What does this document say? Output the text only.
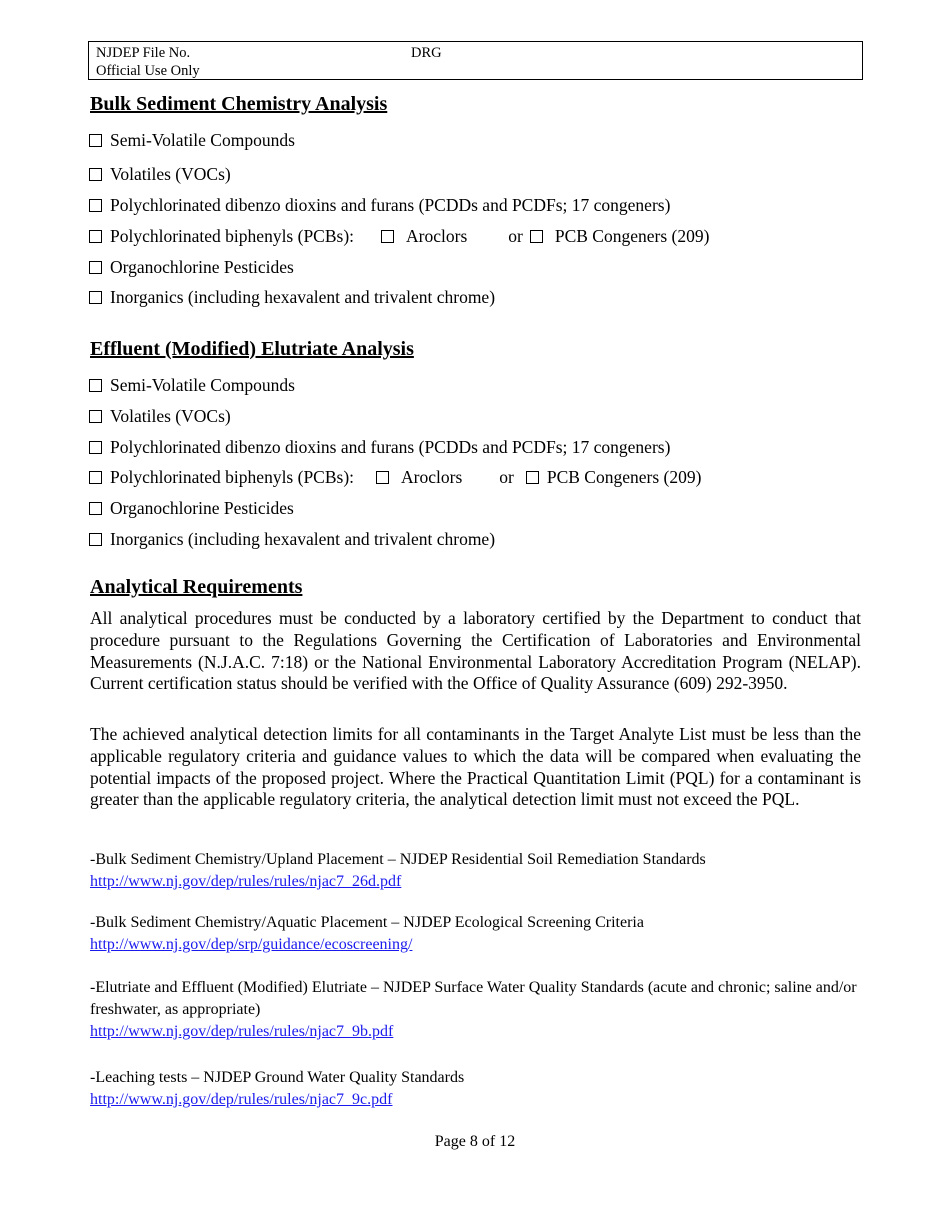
NJDEP File No.
Official Use Only
DRG
Bulk Sediment Chemistry Analysis
Semi-Volatile Compounds
Volatiles (VOCs)
Polychlorinated dibenzo dioxins and furans (PCDDs and PCDFs; 17 congeners)
Polychlorinated biphenyls (PCBs):	Aroclors or PCB Congeners (209)
Organochlorine Pesticides
Inorganics (including hexavalent and trivalent chrome)
Effluent (Modified) Elutriate Analysis
Semi-Volatile Compounds
Volatiles (VOCs)
Polychlorinated dibenzo dioxins and furans (PCDDs and PCDFs; 17 congeners)
Polychlorinated biphenyls (PCBs):	Aroclors or PCB Congeners (209)
Organochlorine Pesticides
Inorganics (including hexavalent and trivalent chrome)
Analytical Requirements

All analytical procedures must be conducted by a laboratory certified by the Department to conduct that procedure pursuant to the Regulations Governing the Certification of Laboratories and Environmental Measurements (N.J.A.C. 7:18) or the National Environmental Laboratory Accreditation Program (NELAP). Current certification status should be verified with the Office of Quality Assurance (609) 292-3950.

The achieved analytical detection limits for all contaminants in the Target Analyte List must be less than the applicable regulatory criteria and guidance values to which the data will be compared when evaluating the potential impacts of the proposed project. Where the Practical Quantitation Limit (PQL) for a contaminant is greater than the applicable regulatory criteria, the analytical detection limit must not exceed the PQL.

-Bulk Sediment Chemistry/Upland Placement – NJDEP Residential Soil Remediation Standards
http://www.nj.gov/dep/rules/rules/njac7_26d.pdf
-Bulk Sediment Chemistry/Aquatic Placement – NJDEP Ecological Screening Criteria
http://www.nj.gov/dep/srp/guidance/ecoscreening/
-Elutriate and Effluent (Modified) Elutriate – NJDEP Surface Water Quality Standards (acute and chronic; saline and/or freshwater, as appropriate)
http://www.nj.gov/dep/rules/rules/njac7_9b.pdf
-Leaching tests – NJDEP Ground Water Quality Standards
http://www.nj.gov/dep/rules/rules/njac7_9c.pdf
Page 8 of 12
